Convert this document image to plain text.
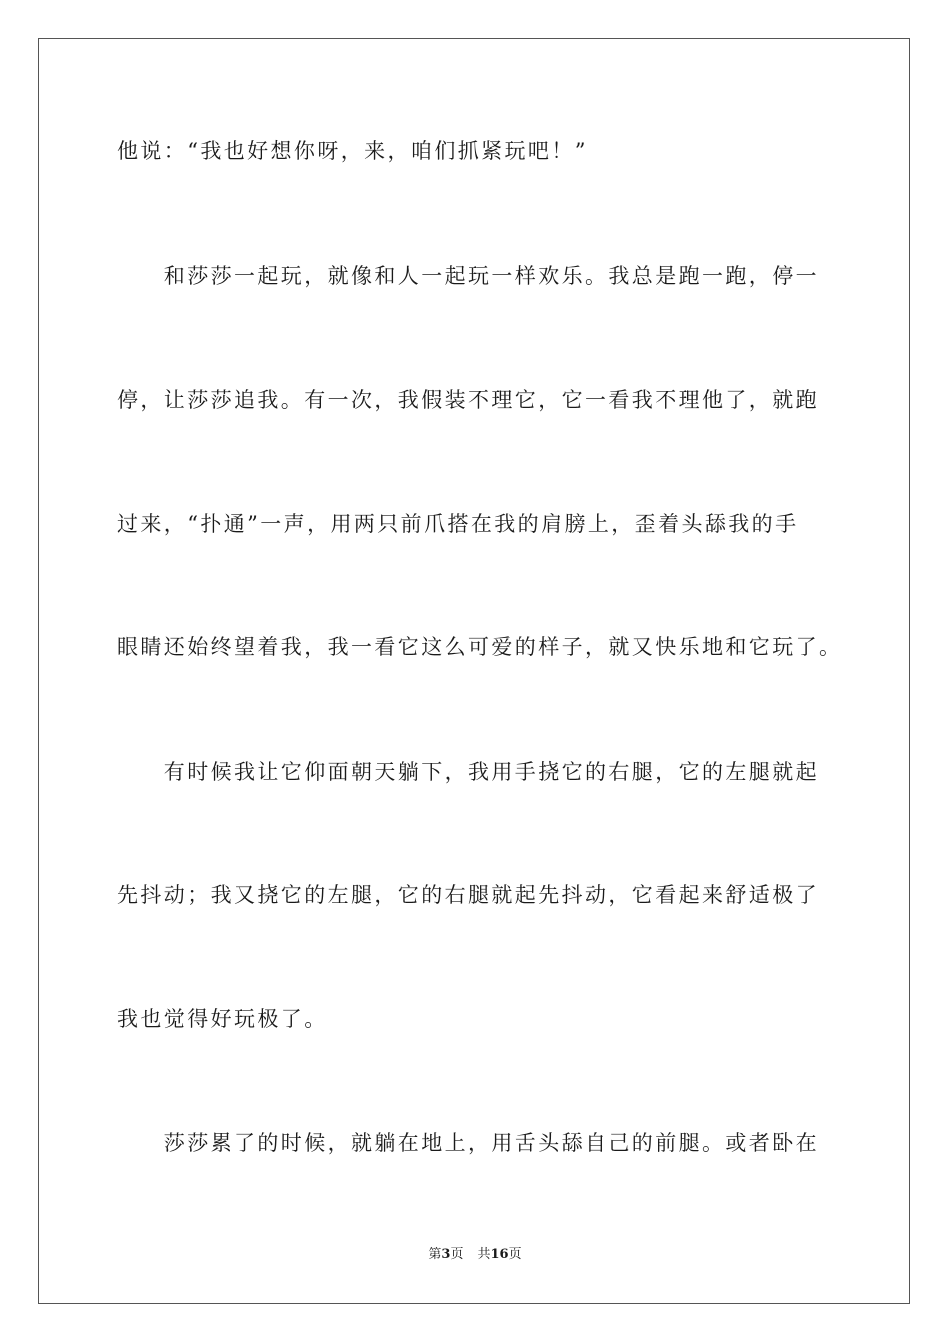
他说：“我也好想你呀，来，咱们抓紧玩吧！”

　　和莎莎一起玩，就像和人一起玩一样欢乐。我总是跑一跑，停一

停，让莎莎追我。有一次，我假装不理它，它一看我不理他了，就跑

过来，“扑通”一声，用两只前爪搭在我的肩膀上，歪着头舔我的手

眼睛还始终望着我，我一看它这么可爱的样子，就又快乐地和它玩了。

　　有时候我让它仰面朝天躺下，我用手挠它的右腿，它的左腿就起

先抖动；我又挠它的左腿，它的右腿就起先抖动，它看起来舒适极了

我也觉得好玩极了。

　　莎莎累了的时候，就躺在地上，用舌头舔自己的前腿。或者卧在

第3页 共16页
